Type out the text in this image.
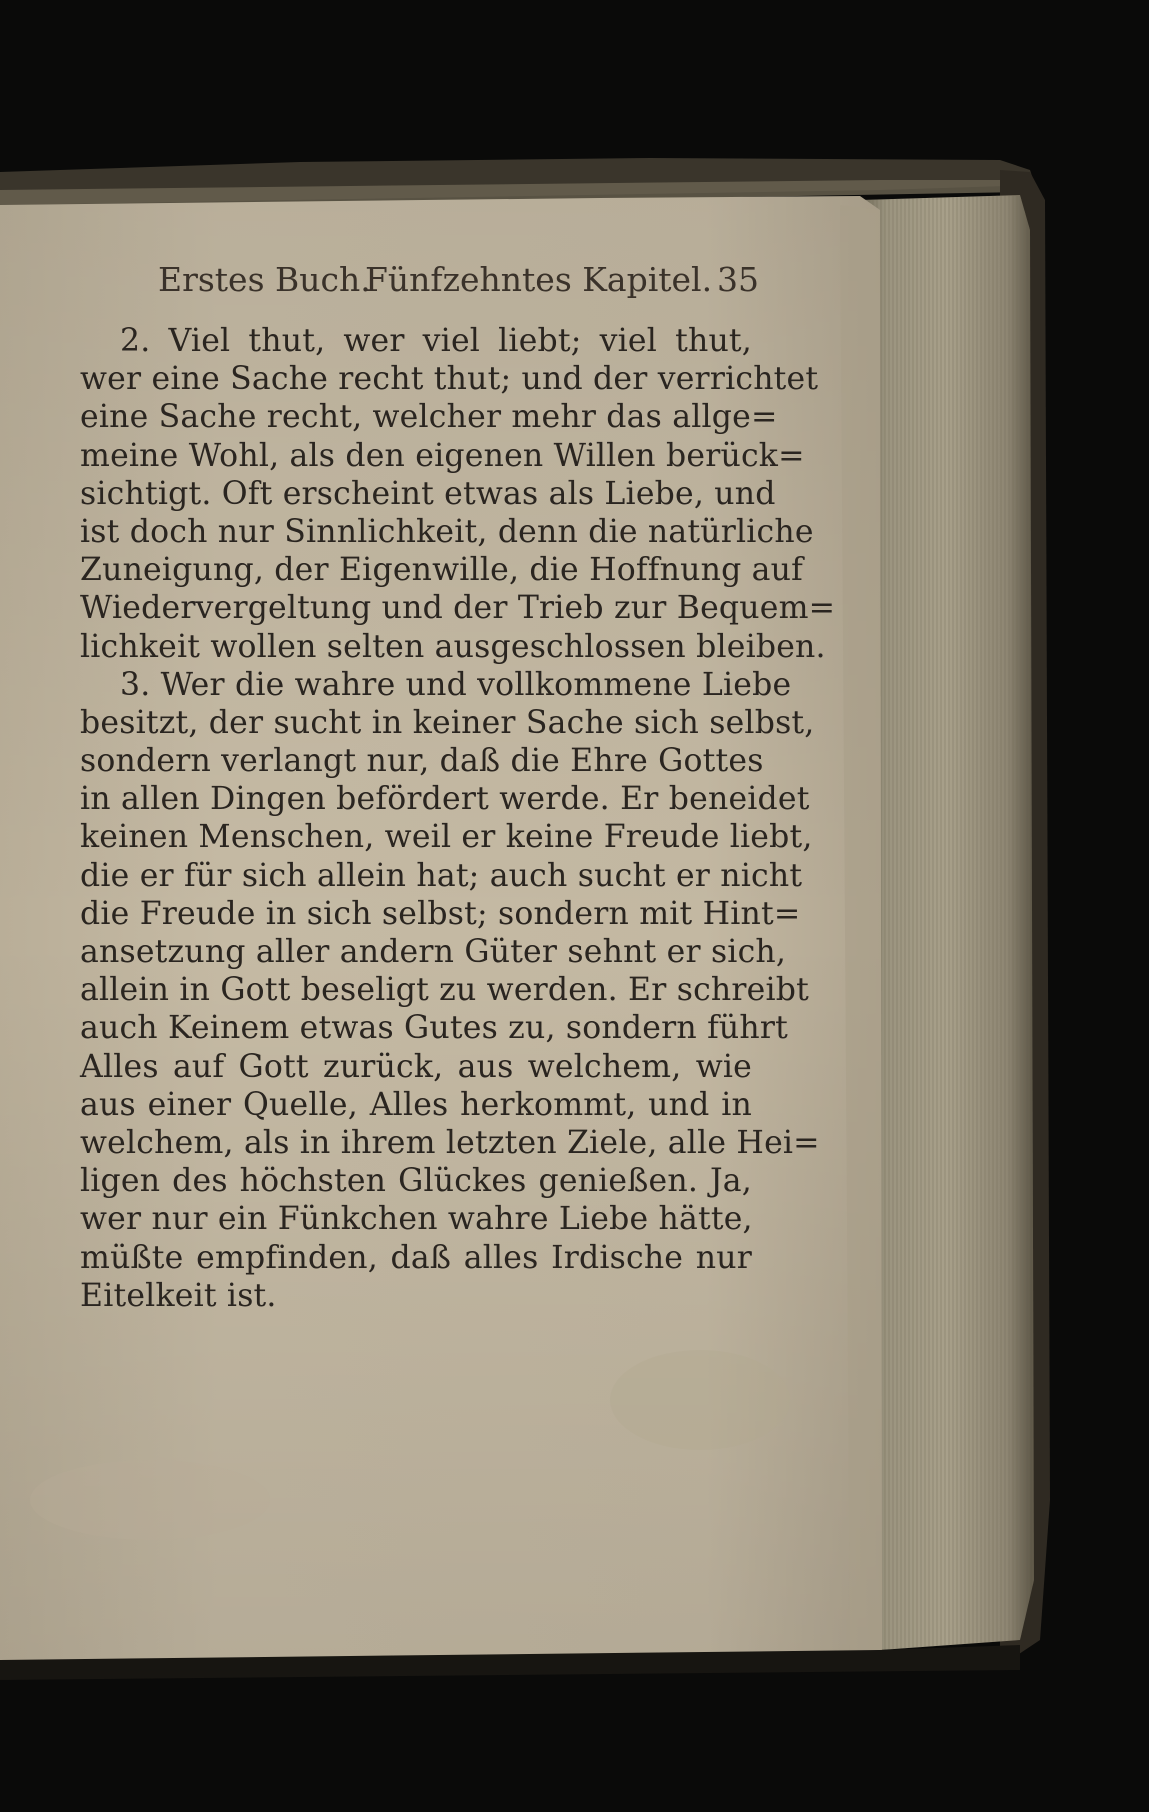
Erstes Buch.
Fünfzehntes Kapitel. 35
2. Viel thut, wer viel liebt; viel thut,
wer eine Sache recht thut; und der verrichtet
eine Sache recht, welcher mehr das allge=
meine Wohl, als den eigenen Willen berück=
sichtigt. Oft erscheint etwas als Liebe, und
ist doch nur Sinnlichkeit, denn die natürliche
Zuneigung, der Eigenwille, die Hoffnung auf
Wiedervergeltung und der Trieb zur Bequem=
lichkeit wollen selten ausgeschlossen bleiben.
3. Wer die wahre und vollkommene Liebe
besitzt, der sucht in keiner Sache sich selbst,
sondern verlangt nur, daß die Ehre Gottes
in allen Dingen befördert werde. Er beneidet
keinen Menschen, weil er keine Freude liebt,
die er für sich allein hat; auch sucht er nicht
die Freude in sich selbst; sondern mit Hint=
ansetzung aller andern Güter sehnt er sich,
allein in Gott beseligt zu werden. Er schreibt
auch Keinem etwas Gutes zu, sondern führt
Alles auf Gott zurück, aus welchem, wie
aus einer Quelle, Alles herkommt, und in
welchem, als in ihrem letzten Ziele, alle Hei=
ligen des höchsten Glückes genießen. Ja,
wer nur ein Fünkchen wahre Liebe hätte,
müßte empfinden, daß alles Irdische nur
Eitelkeit ist.
